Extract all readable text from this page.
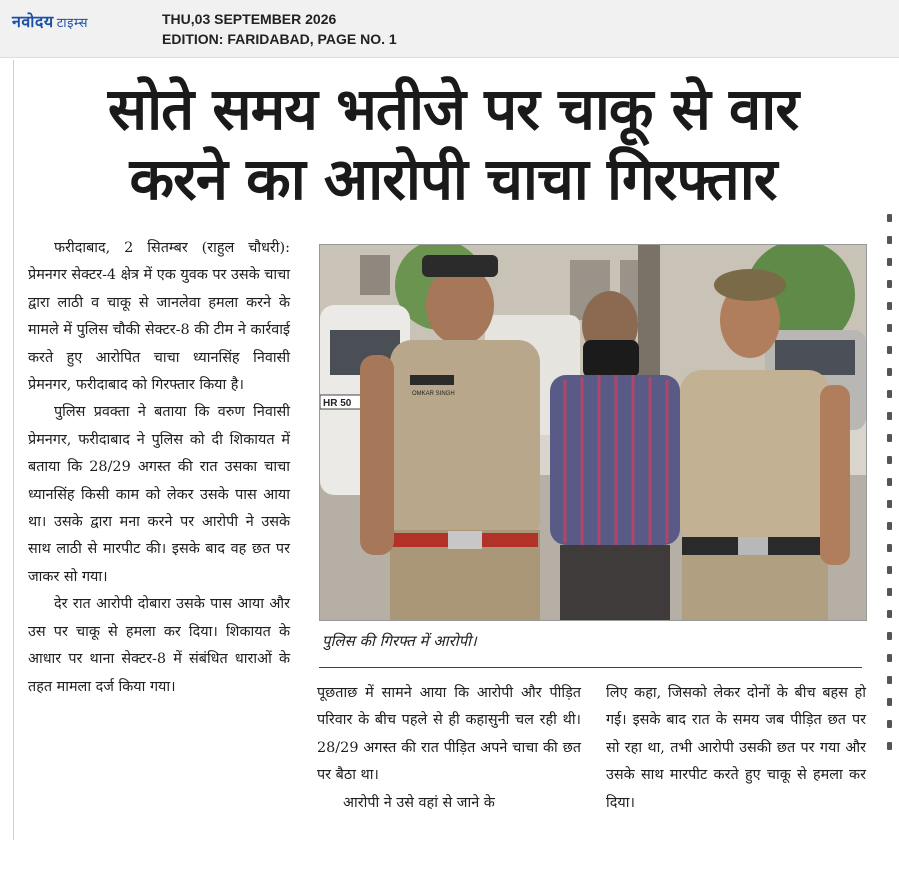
नवोदय टाइम्स	THU,03 SEPTEMBER 2026
EDITION: FARIDABAD, PAGE NO. 1
सोते समय भतीजे पर चाकू से वार
करने का आरोपी चाचा गिरफ्तार

फरीदाबाद, 2 सितम्बर (राहुल चौधरी): प्रेमनगर सेक्टर-4 क्षेत्र में एक युवक पर उसके चाचा द्वारा लाठी व चाकू से जानलेवा हमला करने के मामले में पुलिस चौकी सेक्टर-8 की टीम ने कार्रवाई करते हुए आरोपित चाचा ध्यानसिंह निवासी प्रेमनगर, फरीदाबाद को गिरफ्तार किया है।

पुलिस प्रवक्ता ने बताया कि वरुण निवासी प्रेमनगर, फरीदाबाद ने पुलिस को दी शिकायत में बताया कि 28/29 अगस्त की रात उसका चाचा ध्यानसिंह किसी काम को लेकर उसके पास आया था। उसके द्वारा मना करने पर आरोपी ने उसके साथ लाठी से मारपीट की। इसके बाद वह छत पर जाकर सो गया।

देर रात आरोपी दोबारा उसके पास आया और उस पर चाकू से हमला कर दिया। शिकायत के आधार पर थाना सेक्टर-8 में संबंधित धाराओं के तहत मामला दर्ज किया गया।

HR 50
OMKAR SINGH
पुलिस की गिरफ्त में आरोपी।

पूछताछ में सामने आया कि आरोपी और पीड़ित परिवार के बीच पहले से ही कहासुनी चल रही थी। 28/29 अगस्त की रात पीड़ित अपने चाचा की छत पर बैठा था।

आरोपी ने उसे वहां से जाने के

लिए कहा, जिसको लेकर दोनों के बीच बहस हो गई। इसके बाद रात के समय जब पीड़ित छत पर सो रहा था, तभी आरोपी उसकी छत पर गया और उसके साथ मारपीट करते हुए चाकू से हमला कर दिया।
